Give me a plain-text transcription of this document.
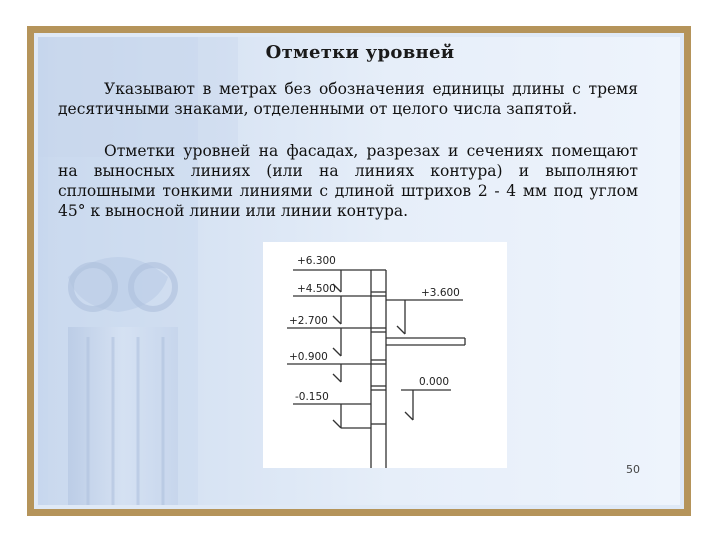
Отметки уровней
Указывают в метрах без обозначения единицы длины с тремя десятичными знаками, отделенными от целого числа запятой.
Отметки уровней на фасадах, разрезах и сечениях помещают на выносных линиях (или на линиях контура) и выполняют сплошными тонкими линиями с длиной штрихов 2 - 4 мм под углом 45° к выносной линии или линии контура.
+6.300
+4.500
+2.700
+0.900
-0.150
+3.600
0.000
50
